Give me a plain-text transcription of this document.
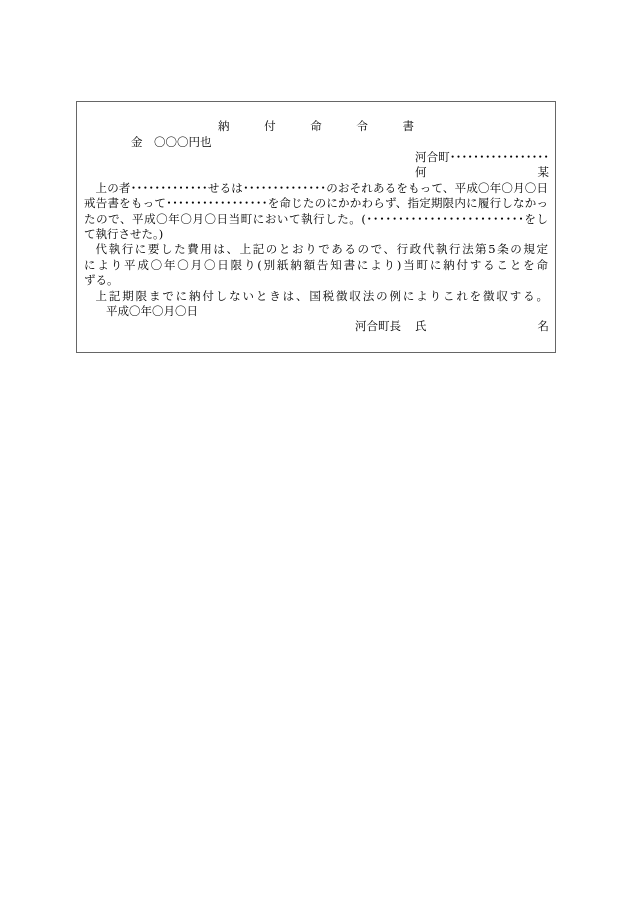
納付命令書
金	〇〇〇円也
河合町･････････････････
何某
上の者･････････････せるは･･････････････のおそれあるをもって、平成〇年〇月〇日
戒告書をもって･････････････････を命じたのにかかわらず、指定期限内に履行しなかっ
たので、平成〇年〇月〇日当町において執行した。(･････････････････････････をし
て執行させた。)
代執行に要した費用は、上記のとおりであるので、行政代執行法第5条の規定
により平成〇年〇月〇日限り(別紙納額告知書により)当町に納付することを命
ずる。
上記期限までに納付しないときは、国税徴収法の例によりこれを徴収する。
平成〇年〇月〇日
河合町長	氏名
